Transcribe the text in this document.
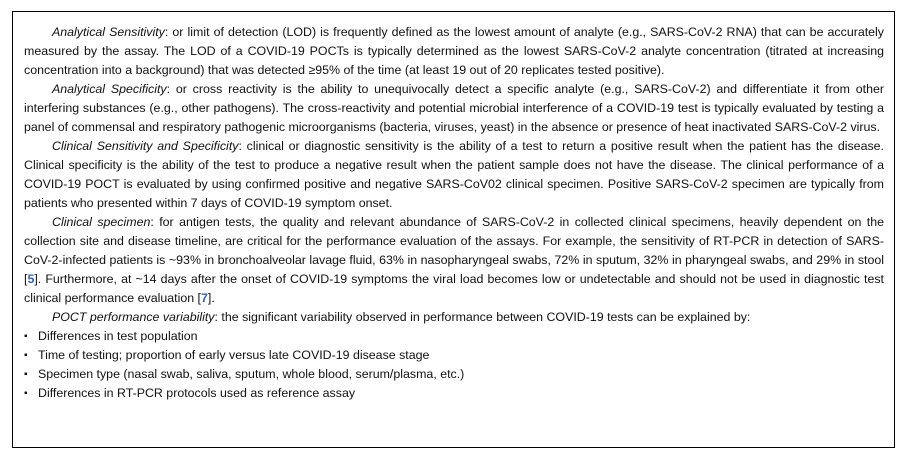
Analytical Sensitivity: or limit of detection (LOD) is frequently defined as the lowest amount of analyte (e.g., SARS-CoV-2 RNA) that can be accurately measured by the assay. The LOD of a COVID-19 POCTs is typically determined as the lowest SARS-CoV-2 analyte concentration (titrated at increasing concentration into a background) that was detected ≥95% of the time (at least 19 out of 20 replicates tested positive).

Analytical Specificity: or cross reactivity is the ability to unequivocally detect a specific analyte (e.g., SARS-CoV-2) and differentiate it from other interfering substances (e.g., other pathogens). The cross-reactivity and potential microbial interference of a COVID-19 test is typically evaluated by testing a panel of commensal and respiratory pathogenic microorganisms (bacteria, viruses, yeast) in the absence or presence of heat inactivated SARS-CoV-2 virus.

Clinical Sensitivity and Specificity: clinical or diagnostic sensitivity is the ability of a test to return a positive result when the patient has the disease. Clinical specificity is the ability of the test to produce a negative result when the patient sample does not have the disease. The clinical performance of a COVID-19 POCT is evaluated by using confirmed positive and negative SARS-CoV02 clinical specimen. Positive SARS-CoV-2 specimen are typically from patients who presented within 7 days of COVID-19 symptom onset.

Clinical specimen: for antigen tests, the quality and relevant abundance of SARS-CoV-2 in collected clinical specimens, heavily dependent on the collection site and disease timeline, are critical for the performance evaluation of the assays. For example, the sensitivity of RT-PCR in detection of SARS-CoV-2-infected patients is ~93% in bronchoalveolar lavage fluid, 63% in nasopharyngeal swabs, 72% in sputum, 32% in pharyngeal swabs, and 29% in stool [5]. Furthermore, at ~14 days after the onset of COVID-19 symptoms the viral load becomes low or undetectable and should not be used in diagnostic test clinical performance evaluation [7].

POCT performance variability: the significant variability observed in performance between COVID-19 tests can be explained by:

▪ Differences in test population
▪ Time of testing; proportion of early versus late COVID-19 disease stage
▪ Specimen type (nasal swab, saliva, sputum, whole blood, serum/plasma, etc.)
▪ Differences in RT-PCR protocols used as reference assay
